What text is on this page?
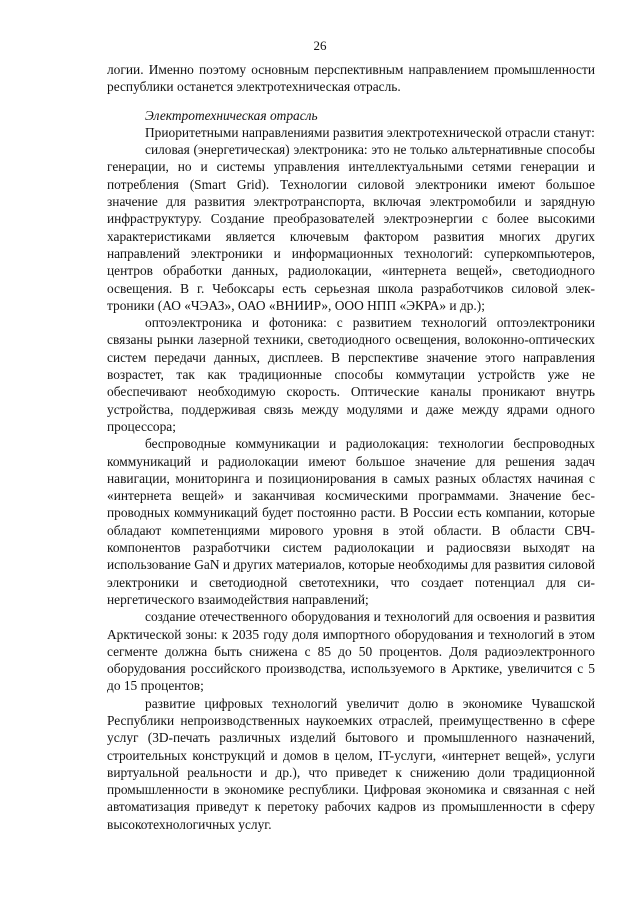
26

логии. Именно поэтому основным перспективным направлением промышленности республики останется электротехническая отрасль.

Электротехническая отрасль

Приоритетными направлениями развития электротехнической отрасли станут:

силовая (энергетическая) электроника: это не только альтернативные способы генерации, но и системы управления интеллектуальными сетями генерации и потребления (Smart Grid). Технологии силовой электроники имеют большое значение для развития электротранспорта, включая электромобили и зарядную инфраструктуру. Создание преобразователей электроэнергии с более высокими характеристиками является ключевым фактором развития многих других направлений электроники и информационных технологий: суперкомпьютеров, центров обработки данных, радиолокации, «интернета вещей», светодиодного освещения. В г. Чебоксары есть серьезная школа разработчиков силовой электроники (АО «ЧЭАЗ», ОАО «ВНИИР», ООО НПП «ЭКРА» и др.);

оптоэлектроника и фотоника: с развитием технологий оптоэлектроники связаны рынки лазерной техники, светодиодного освещения, волоконно-оптических систем передачи данных, дисплеев. В перспективе значение этого направления возрастет, так как традиционные способы коммутации устройств уже не обеспечивают необходимую скорость. Оптические каналы проникают внутрь устройства, поддерживая связь между модулями и даже между ядрами одного процессора;

беспроводные коммуникации и радиолокация: технологии беспроводных коммуникаций и радиолокации имеют большое значение для решения задач навигации, мониторинга и позиционирования в самых разных областях начиная с «интернета вещей» и заканчивая космическими программами. Значение беспроводных коммуникаций будет постоянно расти. В России есть компании, которые обладают компетенциями мирового уровня в этой области. В области СВЧ-компонентов разработчики систем радиолокации и радиосвязи выходят на использование GaN и других материалов, которые необходимы для развития силовой электроники и светодиодной светотехники, что создает потенциал для синергетического взаимодействия направлений;

создание отечественного оборудования и технологий для освоения и развития Арктической зоны: к 2035 году доля импортного оборудования и технологий в этом сегменте должна быть снижена с 85 до 50 процентов. Доля радиоэлектронного оборудования российского производства, используемого в Арктике, увеличится с 5 до 15 процентов;

развитие цифровых технологий увеличит долю в экономике Чувашской Республики непроизводственных наукоемких отраслей, преимущественно в сфере услуг (3D-печать различных изделий бытового и промышленного назначений, строительных конструкций и домов в целом, IT-услуги, «интернет вещей», услуги виртуальной реальности и др.), что приведет к снижению доли традиционной промышленности в экономике республики. Цифровая экономика и связанная с ней автоматизация приведут к перетоку рабочих кадров из промышленности в сферу высокотехнологичных услуг.
